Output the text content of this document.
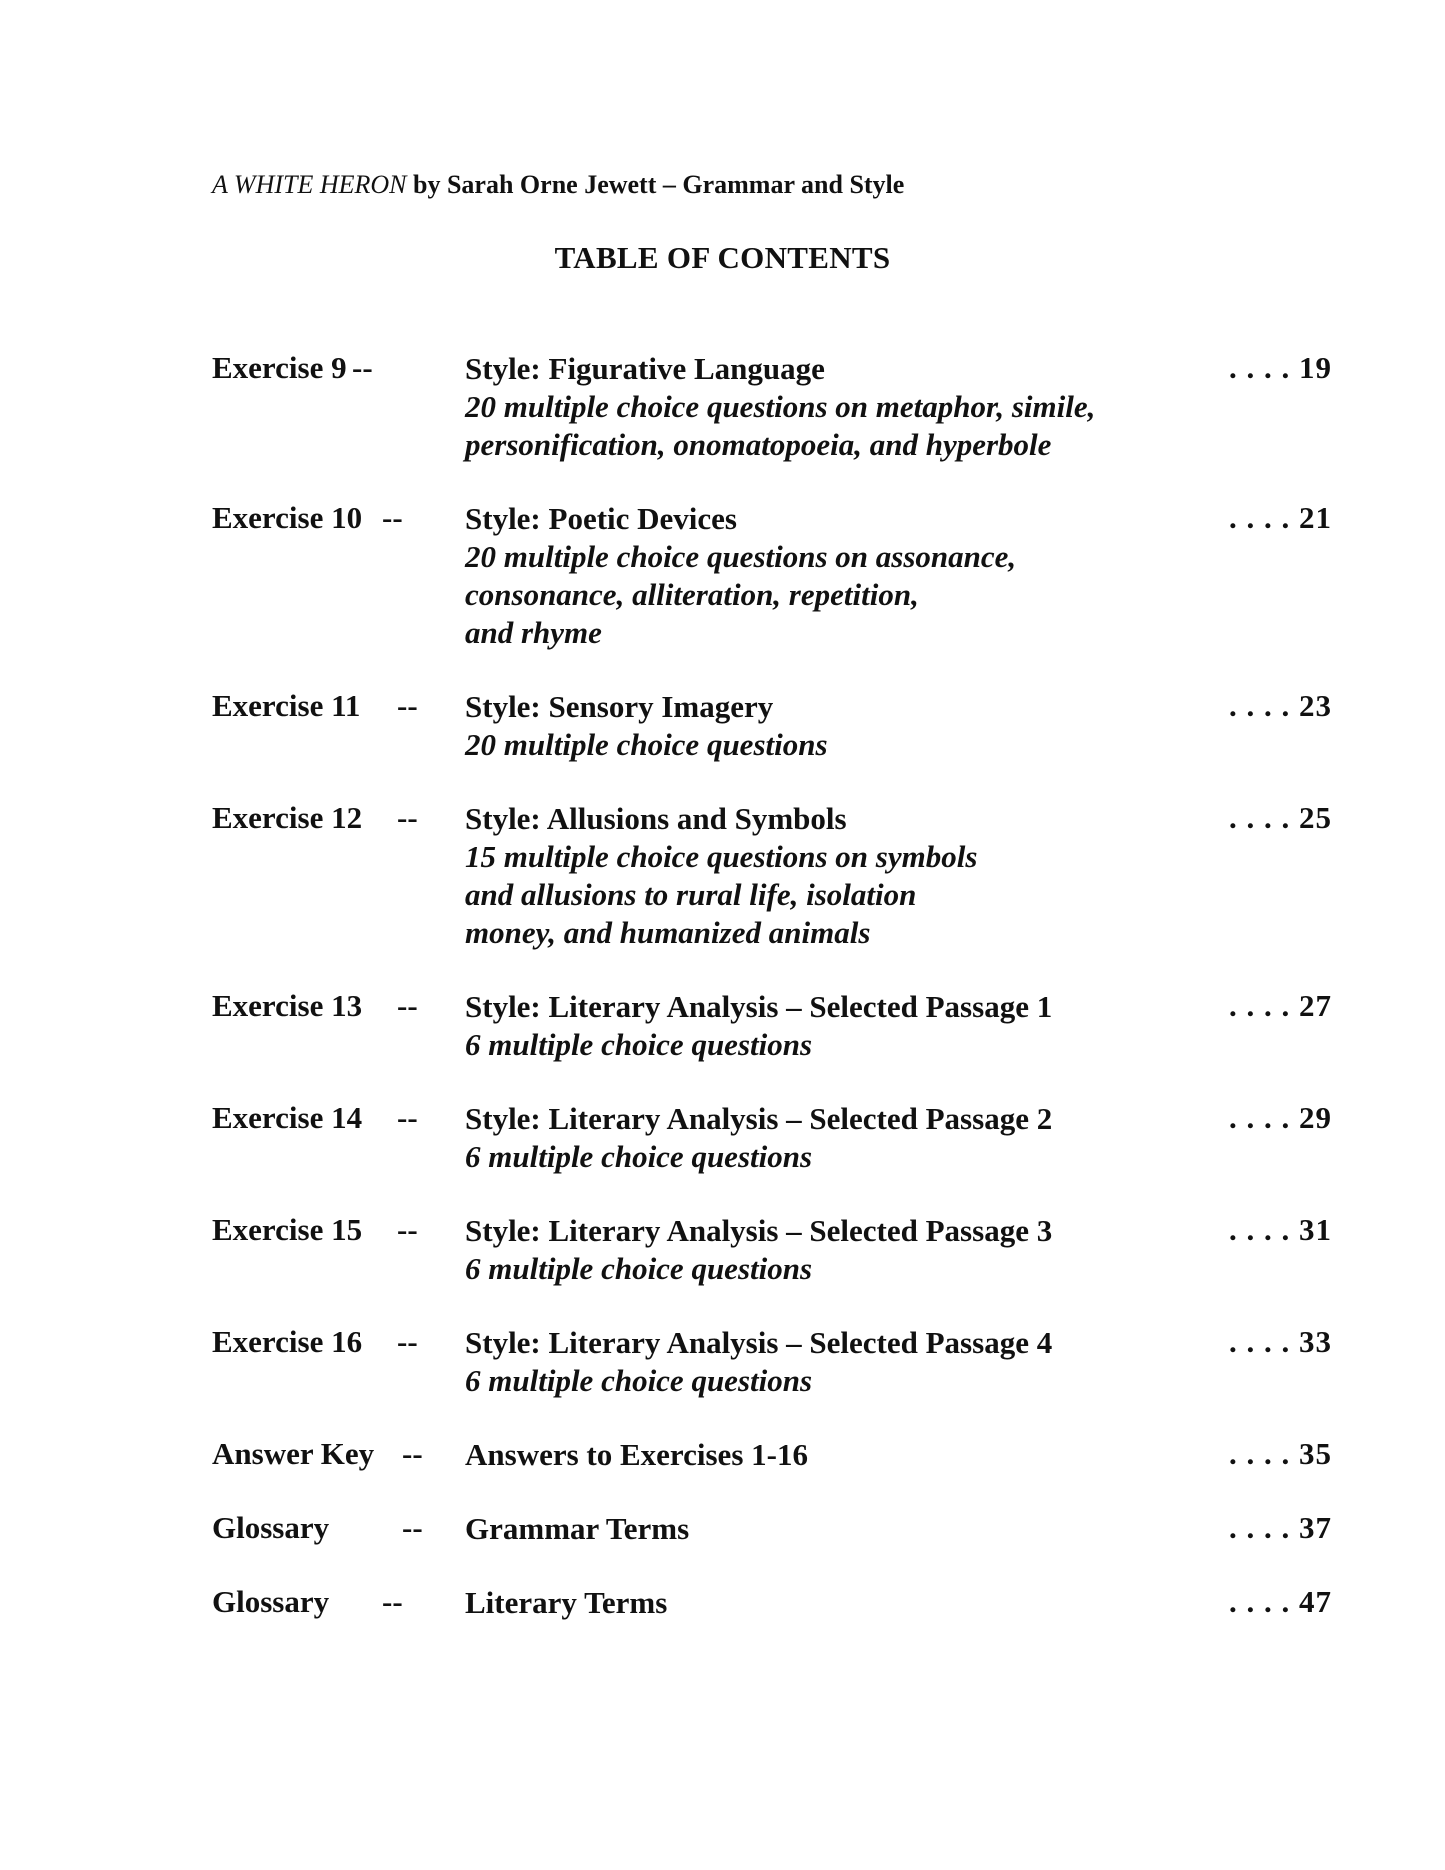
A WHITE HERON by Sarah Orne Jewett – Grammar and Style
TABLE OF CONTENTS
Exercise 9 --	Style: Figurative Language
20 multiple choice questions on metaphor, simile,
personification, onomatopoeia, and hyperbole
. . . . 19
Exercise 10 -- Style: Poetic Devices
20 multiple choice questions on assonance,
consonance, alliteration, repetition,
and rhyme
. . . . 21
Exercise 11 -- Style: Sensory Imagery
20 multiple choice questions
. . . . 23
Exercise 12 -- Style: Allusions and Symbols
15 multiple choice questions on symbols
and allusions to rural life, isolation
money, and humanized animals
. . . . 25
Exercise 13 -- Style: Literary Analysis – Selected Passage 1
6 multiple choice questions
. . . . 27
Exercise 14 -- Style: Literary Analysis – Selected Passage 2
6 multiple choice questions
. . . . 29
Exercise 15 -- Style: Literary Analysis – Selected Passage 3
6 multiple choice questions
. . . . 31
Exercise 16 -- Style: Literary Analysis – Selected Passage 4
6 multiple choice questions
. . . . 33
Answer Key -- Answers to Exercises 1-16	. . . . 35
Glossary -- Grammar Terms	. . . . 37
Glossary -- Literary Terms	. . . . 47
